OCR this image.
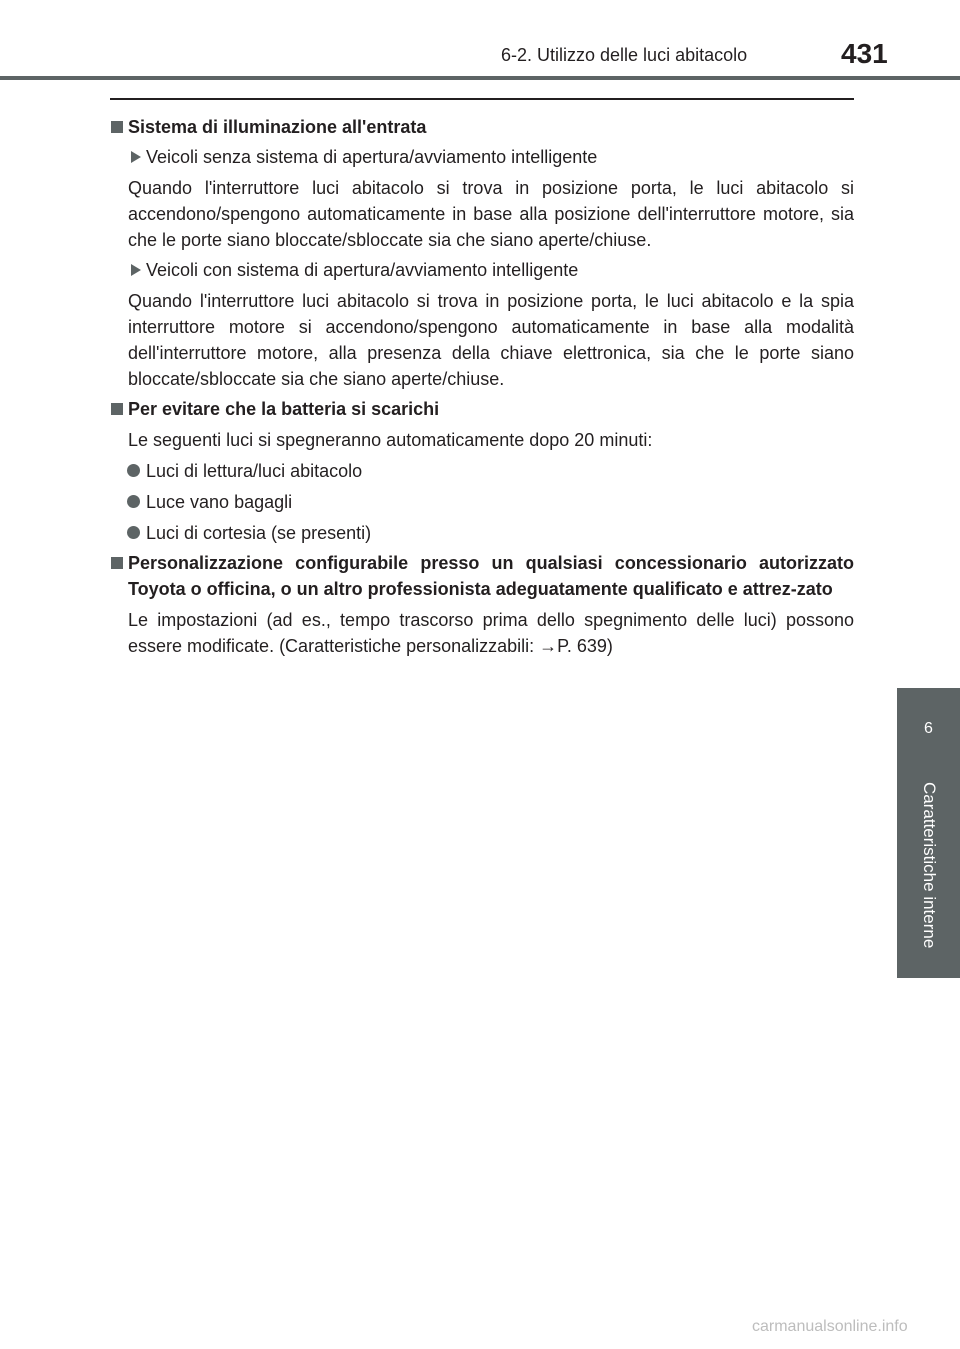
6-2. Utilizzo delle luci abitacolo	431
6
Caratteristiche interne
Sistema di illuminazione all'entrata
Veicoli senza sistema di apertura/avviamento intelligente
Quando l'interruttore luci abitacolo si trova in posizione porta, le luci abitacolo si accendono/spengono automaticamente in base alla posizione dell'interruttore motore, sia che le porte siano bloccate/sbloccate sia che siano aperte/chiuse.
Veicoli con sistema di apertura/avviamento intelligente
Quando l'interruttore luci abitacolo si trova in posizione porta, le luci abitacolo e la spia interruttore motore si accendono/spengono automaticamente in base alla modalità dell'interruttore motore, alla presenza della chiave elettronica, sia che le porte siano bloccate/sbloccate sia che siano aperte/chiuse.
Per evitare che la batteria si scarichi
Le seguenti luci si spegneranno automaticamente dopo 20 minuti:
Luci di lettura/luci abitacolo
Luce vano bagagli
Luci di cortesia (se presenti)
Personalizzazione configurabile presso un qualsiasi concessionario autorizzato Toyota o officina, o un altro professionista adeguatamente qualificato e attrez-zato
Le impostazioni (ad es., tempo trascorso prima dello spegnimento delle luci) possono essere modificate. (Caratteristiche personalizzabili: →P. 639)
carmanualsonline.info
